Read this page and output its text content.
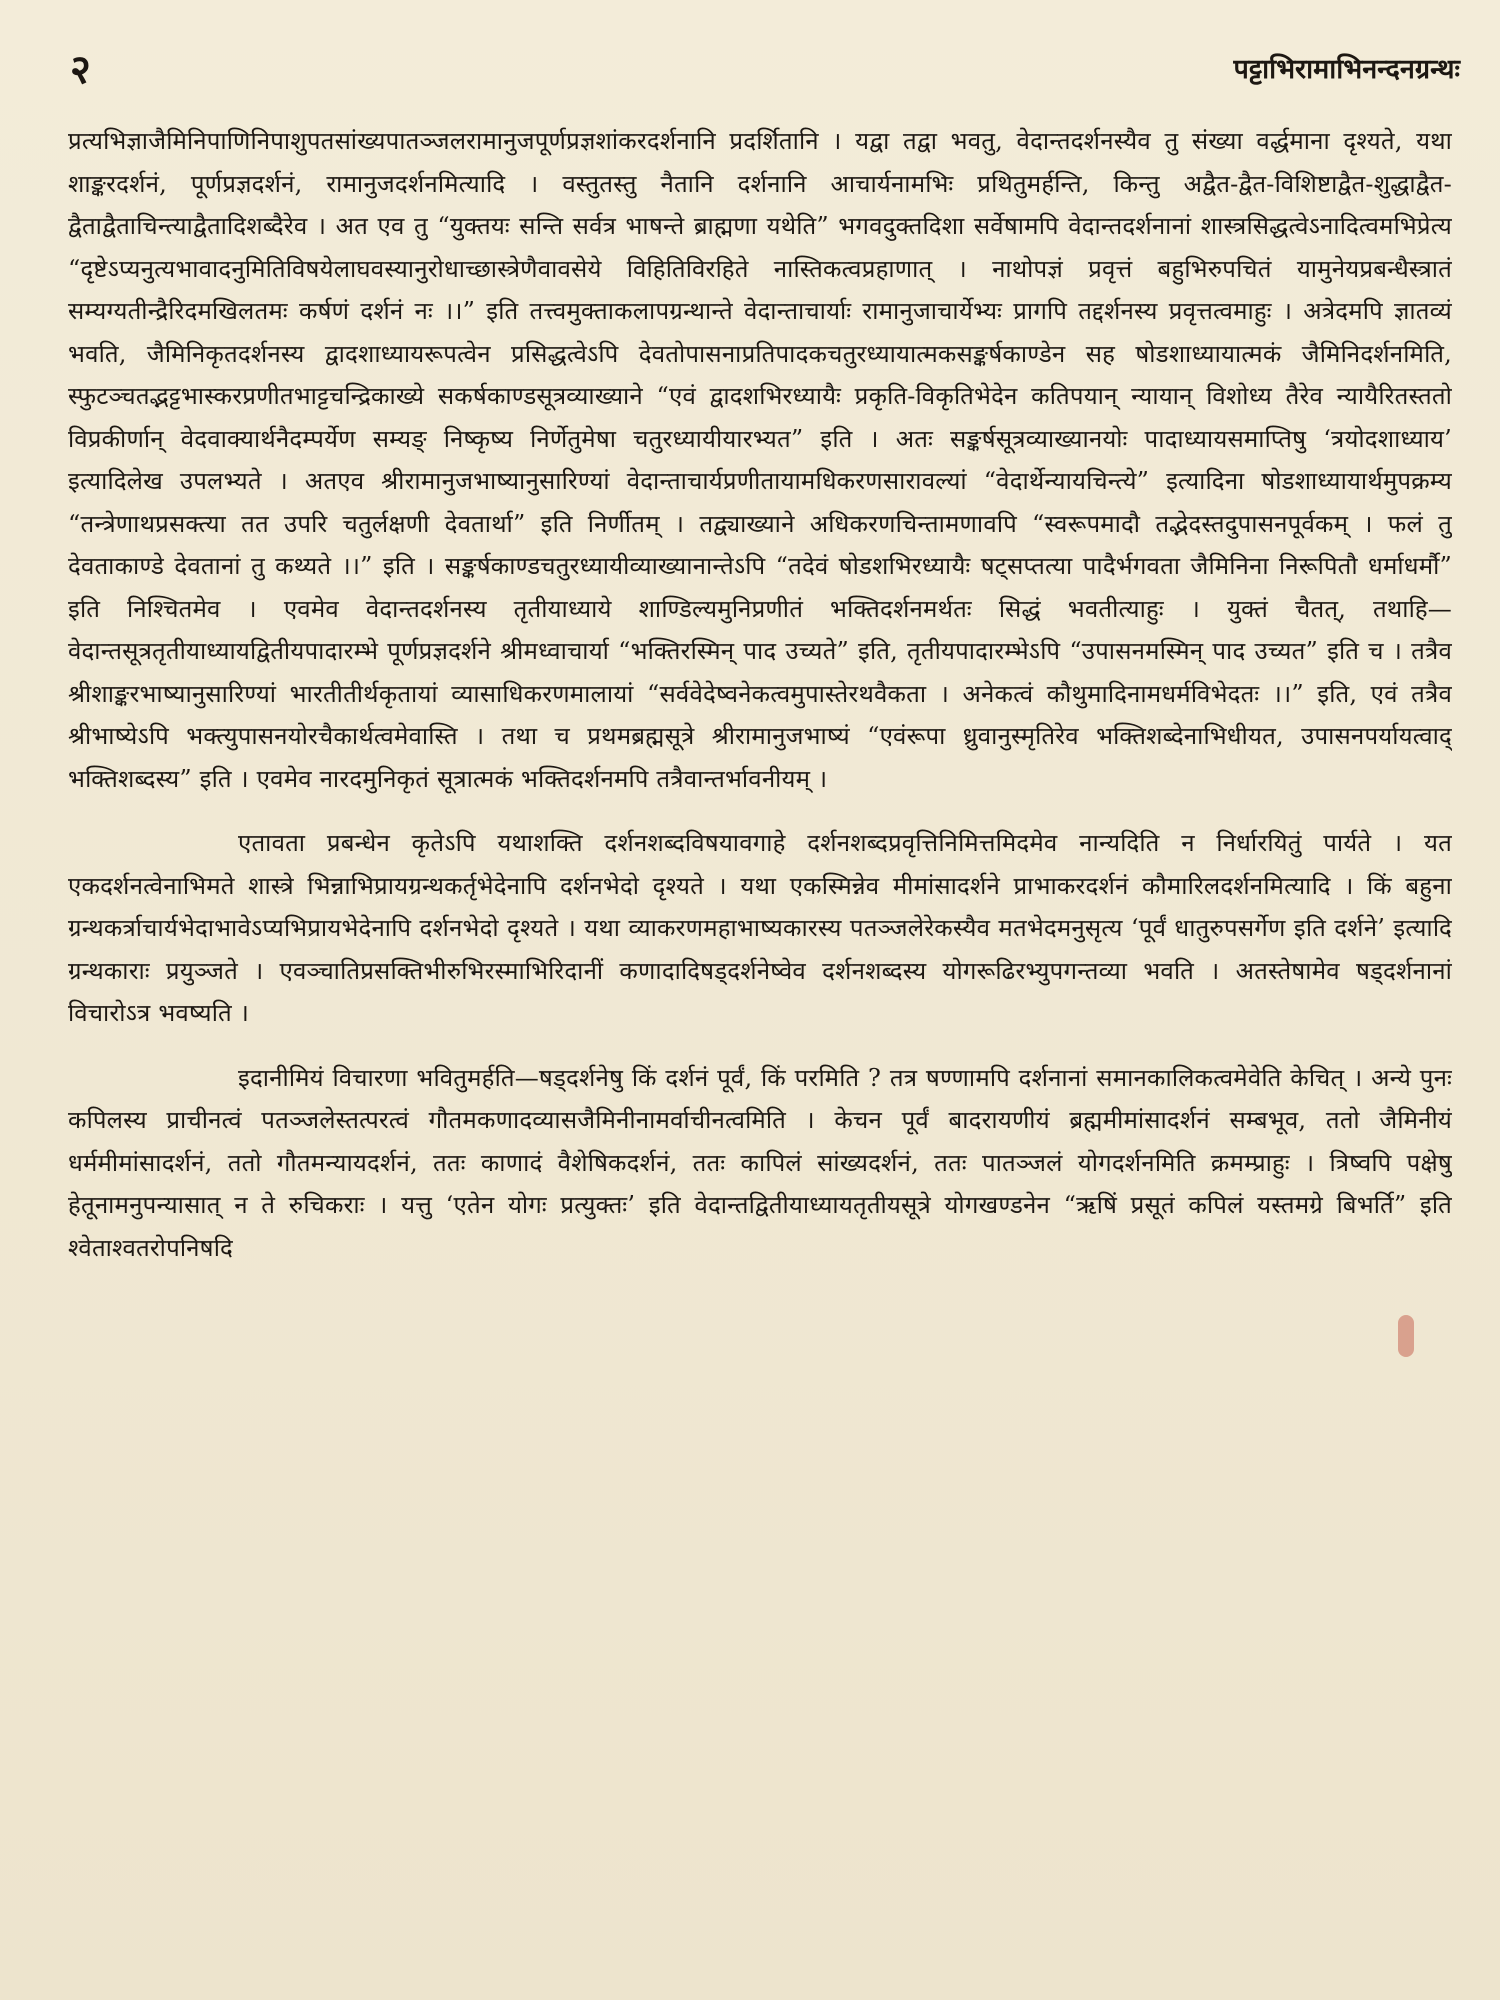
२	पट्टाभिरामाभिनन्दनग्रन्थः

प्रत्यभिज्ञाजैमिनिपाणिनिपाशुपतसांख्यपातञ्जलरामानुजपूर्णप्रज्ञशांकरदर्शनानि प्रदर्शितानि । यद्वा तद्वा भवतु, वेदान्तदर्शनस्यैव तु संख्या वर्द्धमाना दृश्यते, यथा शाङ्करदर्शनं, पूर्णप्रज्ञदर्शनं, रामानुजदर्शनमित्यादि । वस्तुतस्तु नैतानि दर्शनानि आचार्यनामभिः प्रथितुमर्हन्ति, किन्तु अद्वैत-द्वैत-विशिष्टाद्वैत-शुद्धाद्वैत-द्वैताद्वैताचिन्त्याद्वैतादिशब्दैरेव । अत एव तु “युक्तयः सन्ति सर्वत्र भाषन्ते ब्राह्मणा यथेति” भगवदुक्तदिशा सर्वेषामपि वेदान्तदर्शनानां शास्त्रसिद्धत्वेऽनादित्वमभिप्रेत्य “दृष्टेऽप्यनुत्यभावादनुमितिविषयेलाघवस्यानुरोधाच्छास्त्रेणैवावसेये विहितिविरहिते नास्तिकत्वप्रहाणात् । नाथोपज्ञं प्रवृत्तं बहुभिरुपचितं यामुनेयप्रबन्धैस्त्रातं सम्यग्यतीन्द्रैरिदमखिलतमः कर्षणं दर्शनं नः ।।” इति तत्त्वमुक्ताकलापग्रन्थान्ते वेदान्ताचार्याः रामानुजाचार्येभ्यः प्रागपि तद्दर्शनस्य प्रवृत्तत्वमाहुः । अत्रेदमपि ज्ञातव्यं भवति, जैमिनिकृतदर्शनस्य द्वादशाध्यायरूपत्वेन प्रसिद्धत्वेऽपि देवतोपासनाप्रतिपादकचतुरध्यायात्मकसङ्कर्षकाण्डेन सह षोडशाध्यायात्मकं जैमिनिदर्शनमिति, स्फुटञ्चतद्भट्टभास्करप्रणीतभाट्टचन्द्रिकाख्ये सकर्षकाण्डसूत्रव्याख्याने “एवं द्वादशभिरध्यायैः प्रकृति-विकृतिभेदेन कतिपयान् न्यायान् विशोध्य तैरेव न्यायैरितस्ततो विप्रकीर्णान् वेदवाक्यार्थनैदम्पर्येण सम्यङ् निष्कृष्य निर्णेतुमेषा चतुरध्यायीयारभ्यत” इति । अतः सङ्कर्षसूत्रव्याख्यानयोः पादाध्यायसमाप्तिषु ‘त्रयोदशाध्याय’ इत्यादिलेख उपलभ्यते । अतएव श्रीरामानुजभाष्यानुसारिण्यां वेदान्ताचार्यप्रणीतायामधिकरणसारावल्यां “वेदार्थेन्यायचिन्त्ये” इत्यादिना षोडशाध्यायार्थमुपक्रम्य “तन्त्रेणाथप्रसक्त्या तत उपरि चतुर्लक्षणी देवतार्था” इति निर्णीतम् । तद्व्याख्याने अधिकरणचिन्तामणावपि “स्वरूपमादौ तद्भेदस्तदुपासनपूर्वकम् । फलं तु देवताकाण्डे देवतानां तु कथ्यते ।।” इति । सङ्कर्षकाण्डचतुरध्यायीव्याख्यानान्तेऽपि “तदेवं षोडशभिरध्यायैः षट्सप्तत्या पादैर्भगवता जैमिनिना निरूपितौ धर्माधर्मौ” इति निश्चितमेव । एवमेव वेदान्तदर्शनस्य तृतीयाध्याये शाण्डिल्यमुनिप्रणीतं भक्तिदर्शनमर्थतः सिद्धं भवतीत्याहुः । युक्तं चैतत्, तथाहि—वेदान्तसूत्रतृतीयाध्यायद्वितीयपादारम्भे पूर्णप्रज्ञदर्शने श्रीमध्वाचार्या “भक्तिरस्मिन् पाद उच्यते” इति, तृतीयपादारम्भेऽपि “उपासनमस्मिन् पाद उच्यत” इति च । तत्रैव श्रीशाङ्करभाष्यानुसारिण्यां भारतीतीर्थकृतायां व्यासाधिकरणमालायां “सर्ववेदेष्वनेकत्वमुपास्तेरथवैकता । अनेकत्वं कौथुमादिनामधर्मविभेदतः ।।” इति, एवं तत्रैव श्रीभाष्येऽपि भक्त्युपासनयोरचैकार्थत्वमेवास्ति । तथा च प्रथमब्रह्मसूत्रे श्रीरामानुजभाष्यं “एवंरूपा ध्रुवानुस्मृतिरेव भक्तिशब्देनाभिधीयत, उपासनपर्यायत्वाद् भक्तिशब्दस्य” इति । एवमेव नारदमुनिकृतं सूत्रात्मकं भक्तिदर्शनमपि तत्रैवान्तर्भावनीयम् ।

एतावता प्रबन्धेन कृतेऽपि यथाशक्ति दर्शनशब्दविषयावगाहे दर्शनशब्दप्रवृत्तिनिमित्तमिदमेव नान्यदिति न निर्धारयितुं पार्यते । यत एकदर्शनत्वेनाभिमते शास्त्रे भिन्नाभिप्रायग्रन्थकर्तृभेदेनापि दर्शनभेदो दृश्यते । यथा एकस्मिन्नेव मीमांसादर्शने प्राभाकरदर्शनं कौमारिलदर्शनमित्यादि । किं बहुना ग्रन्थकर्त्राचार्यभेदाभावेऽप्यभिप्रायभेदेनापि दर्शनभेदो दृश्यते । यथा व्याकरणमहाभाष्यकारस्य पतञ्जलेरेकस्यैव मतभेदमनुसृत्य ‘पूर्वं धातुरुपसर्गेण इति दर्शने’ इत्यादि ग्रन्थकाराः प्रयुञ्जते । एवञ्चातिप्रसक्तिभीरुभिरस्माभिरिदानीं कणादादिषड्दर्शनेष्वेव दर्शनशब्दस्य योगरूढिरभ्युपगन्तव्या भवति । अतस्तेषामेव षड्दर्शनानां विचारोऽत्र भवष्यति ।

इदानीमियं विचारणा भवितुमर्हति—षड्दर्शनेषु किं दर्शनं पूर्वं, किं परमिति ? तत्र षण्णामपि दर्शनानां समानकालिकत्वमेवेति केचित् । अन्ये पुनः कपिलस्य प्राचीनत्वं पतञ्जलेस्तत्परत्वं गौतमकणादव्यासजैमिनीनामर्वाचीनत्वमिति । केचन पूर्वं बादरायणीयं ब्रह्ममीमांसादर्शनं सम्बभूव, ततो जैमिनीयं धर्ममीमांसादर्शनं, ततो गौतमन्यायदर्शनं, ततः काणादं वैशेषिकदर्शनं, ततः कापिलं सांख्यदर्शनं, ततः पातञ्जलं योगदर्शनमिति क्रमम्प्राहुः । त्रिष्वपि पक्षेषु हेतूनामनुपन्यासात् न ते रुचिकराः । यत्तु ‘एतेन योगः प्रत्युक्तः’ इति वेदान्तद्वितीयाध्यायतृतीयसूत्रे योगखण्डनेन “ऋषिं प्रसूतं कपिलं यस्तमग्रे बिभर्ति” इति श्वेताश्वतरोपनिषदि
